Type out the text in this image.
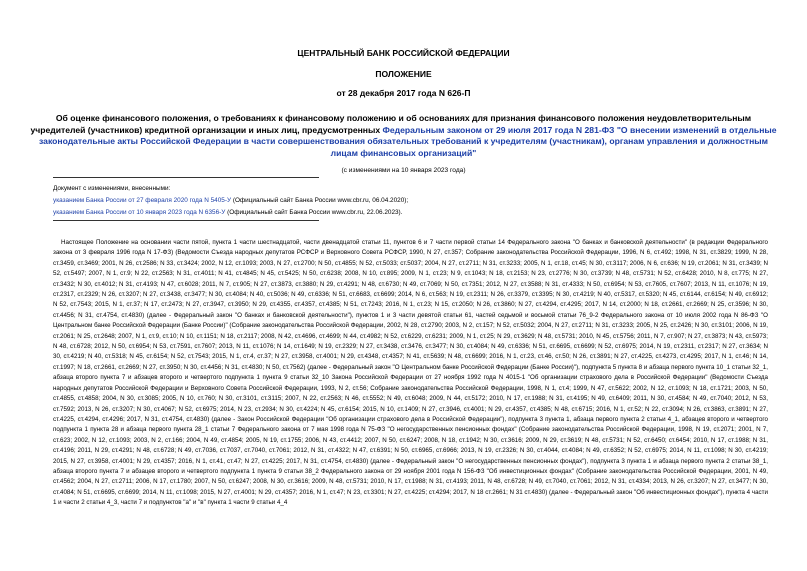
ЦЕНТРАЛЬНЫЙ БАНК РОССИЙСКОЙ ФЕДЕРАЦИИ
ПОЛОЖЕНИЕ
от 28 декабря 2017 года N 626-П
Об оценке финансового положения, о требованиях к финансовому положению и об основаниях для признания финансового положения неудовлетворительным учредителей (участников) кредитной организации и иных лиц, предусмотренных Федеральным законом от 29 июля 2017 года N 281-ФЗ "О внесении изменений в отдельные законодательные акты Российской Федерации в части совершенствования обязательных требований к учредителям (участникам), органам управления и должностным лицам финансовых организаций"
(с изменениями на 10 января 2023 года)
Документ с изменениями, внесенными:
указанием Банка России от 27 февраля 2020 года N 5405-У (Официальный сайт Банка России www.cbr.ru, 06.04.2020);
указанием Банка России от 10 января 2023 года N 6356-У (Официальный сайт Банка России www.cbr.ru, 22.06.2023).
Настоящее Положение на основании части пятой, пункта 1 части шестнадцатой, части двенадцатой статьи 11, пунктов 6 и 7 части первой статьи 14 Федерального закона "О банках и банковской деятельности" (в редакции Федерального закона от 3 февраля 1996 года N 17-ФЗ) (Ведомости Съезда народных депутатов РСФСР и Верховного Совета РСФСР, 1990, N 27, ст.357; Собрание законодательства Российской Федерации, 1996, N 6, ст.492; 1998, N 31, ст.3829; 1999, N 28, ст.3459, ст.3469; 2001, N 26, ст.2586; N 33, ст.3424; 2002, N 12, ст.1093; 2003, N 27, ст.2700; N 50, ст.4855; N 52, ст.5033; ст.5037; 2004, N 27, ст.2711; N 31, ст.3233; 2005, N 1, ст.18, ст.45; N 30, ст.3117; 2006, N 6, ст.636; N 19, ст.2061; N 31, ст.3439; N 52, ст.5497; 2007, N 1, ст.9; N 22, ст.2563; N 31, ст.4011; N 41, ст.4845; N 45, ст.5425; N 50, ст.6238; 2008, N 10, ст.895; 2009, N 1, ст.23; N 9, ст.1043; N 18, ст.2153; N 23, ст.2776; N 30, ст.3739; N 48, ст.5731; N 52, ст.6428; 2010, N 8, ст.775; N 27, ст.3432; N 30, ст.4012; N 31, ст.4193; N 47, ст.6028; 2011, N 7, ст.905; N 27, ст.3873, ст.3880; N 29, ст.4291; N 48, ст.6730; N 49, ст.7069; N 50, ст.7351; 2012, N 27, ст.3588; N 31, ст.4333; N 50, ст.6954; N 53, ст.7605, ст.7607; 2013, N 11, ст.1076; N 19, ст.2317, ст.2329; N 26, ст.3207; N 27, ст.3438, ст.3477; N 30, ст.4084; N 40, ст.5036; N 49, ст.6336; N 51, ст.6683, ст.6699; 2014, N 6, ст.563; N 19, ст.2311; N 26, ст.3379, ст.3395; N 30, ст.4219; N 40, ст.5317, ст.5320; N 45, ст.6144, ст.6154; N 49, ст.6912; N 52, ст.7543; 2015, N 1, ст.37; N 17, ст.2473; N 27, ст.3947, ст.3950; N 29, ст.4355, ст.4357, ст.4385; N 51, ст.7243; 2016, N 1, ст.23; N 15, ст.2050; N 26, ст.3860; N 27, ст.4294, ст.4295; 2017, N 14, ст.2000; N 18, ст.2661, ст.2669; N 25, ст.3596; N 30, ст.4456; N 31, ст.4754, ст.4830) (далее - Федеральный закон "О банках и банковской деятельности"), пунктов 1 и 3 части девятой статьи 61, частей седьмой и восьмой статьи 76_9-2 Федерального закона от 10 июля 2002 года N 86-ФЗ "О Центральном банке Российской Федерации (Банке России)" (Собрание законодательства Российской Федерации, 2002, N 28, ст.2790; 2003, N 2, ст.157; N 52, ст.5032; 2004, N 27, ст.2711; N 31, ст.3233; 2005, N 25, ст.2426; N 30, ст.3101; 2006, N 19, ст.2061; N 25, ст.2648; 2007, N 1, ст.9, ст.10; N 10, ст.1151; N 18, ст.2117; 2008, N 42, ст.4696, ст.4699; N 44, ст.4982; N 52, ст.6229, ст.6231; 2009, N 1, ст.25; N 29, ст.3629; N 48, ст.5731; 2010, N 45, ст.5756; 2011, N 7, ст.907; N 27, ст.3873; N 43, ст.5973; N 48, ст.6728; 2012, N 50, ст.6954; N 53, ст.7591, ст.7607; 2013, N 11, ст.1076; N 14, ст.1649; N 19, ст.2329; N 27, ст.3438, ст.3476, ст.3477; N 30, ст.4084; N 49, ст.6336; N 51, ст.6695, ст.6699; N 52, ст.6975; 2014, N 19, ст.2311, ст.2317; N 27, ст.3634; N 30, ст.4219; N 40, ст.5318; N 45, ст.6154; N 52, ст.7543; 2015, N 1, ст.4, ст.37; N 27, ст.3958, ст.4001; N 29, ст.4348, ст.4357; N 41, ст.5639; N 48, ст.6699; 2016, N 1, ст.23, ст.46, ст.50; N 26, ст.3891; N 27, ст.4225, ст.4273, ст.4295; 2017, N 1, ст.46; N 14, ст.1997; N 18, ст.2661, ст.2669; N 27, ст.3950; N 30, ст.4456; N 31, ст.4830; N 50, ст.7562) (далее - Федеральный закон "О Центральном банке Российской Федерации (Банке России)"), подпункта 5 пункта 8 и абзаца первого пункта 10_1 статьи 32_1, абзаца второго пункта 7 и абзацев второго и четвертого подпункта 1 пункта 9 статьи 32_10 Закона Российской Федерации от 27 ноября 1992 года N 4015-1 "Об организации страхового дела в Российской Федерации" (Ведомости Съезда народных депутатов Российской Федерации и Верховного Совета Российской Федерации, 1993, N 2, ст.56; Собрание законодательства Российской Федерации, 1998, N 1, ст.4; 1999, N 47, ст.5622; 2002, N 12, ст.1093; N 18, ст.1721; 2003, N 50, ст.4855, ст.4858; 2004, N 30, ст.3085; 2005, N 10, ст.760; N 30, ст.3101, ст.3115; 2007, N 22, ст.2563; N 46, ст.5552; N 49, ст.6048; 2009, N 44, ст.5172; 2010, N 17, ст.1988; N 31, ст.4195; N 49, ст.6409; 2011, N 30, ст.4584; N 49, ст.7040; 2012, N 53, ст.7592; 2013, N 26, ст.3207; N 30, ст.4067; N 52, ст.6975; 2014, N 23, ст.2934; N 30, ст.4224; N 45, ст.6154; 2015, N 10, ст.1409; N 27, ст.3946, ст.4001; N 29, ст.4357, ст.4385; N 48, ст.6715; 2016, N 1, ст.52; N 22, ст.3094; N 26, ст.3863, ст.3891; N 27, ст.4225, ст.4294, ст.4296; 2017, N 31, ст.4754, ст.4830) (далее - Закон Российской Федерации "Об организации страхового дела в Российской Федерации"), подпункта 3 пункта 1, абзаца первого пункта 2 статьи 4_1, абзацев второго и четвертого подпункта 1 пункта 28 и абзаца первого пункта 28_1 статьи 7 Федерального закона от 7 мая 1998 года N 75-ФЗ "О негосударственных пенсионных фондах" (Собрание законодательства Российской Федерации, 1998, N 19, ст.2071; 2001, N 7, ст.623; 2002, N 12, ст.1093; 2003, N 2, ст.166; 2004, N 49, ст.4854; 2005, N 19, ст.1755; 2006, N 43, ст.4412; 2007, N 50, ст.6247; 2008, N 18, ст.1942; N 30, ст.3616; 2009, N 29, ст.3619; N 48, ст.5731; N 52, ст.6450; ст.6454; 2010, N 17, ст.1988; N 31, ст.4196; 2011, N 29, ст.4291; N 48, ст.6728; N 49, ст.7036, ст.7037, ст.7040, ст.7061; 2012, N 31, ст.4322; N 47, ст.6391; N 50, ст.6965, ст.6966; 2013, N 19, ст.2326; N 30, ст.4044, ст.4084; N 49, ст.6352; N 52, ст.6975; 2014, N 11, ст.1098; N 30, ст.4219; 2015, N 27, ст.3958, ст.4001; N 29, ст.4357; 2016, N 1, ст.41, ст.47; N 27, ст.4225; 2017, N 31, ст.4754, ст.4830) (далее - Федеральный закон "О негосударственных пенсионных фондах"), подпункта 3 пункта 1 и абзаца первого пункта 2 статьи 38_1, абзаца второго пункта 7 и абзацев второго и четвертого подпункта 1 пункта 9 статьи 38_2 Федерального закона от 29 ноября 2001 года N 156-ФЗ "Об инвестиционных фондах" (Собрание законодательства Российской Федерации, 2001, N 49, ст.4562; 2004, N 27, ст.2711; 2006, N 17, ст.1780; 2007, N 50, ст.6247; 2008, N 30, ст.3616; 2009, N 48, ст.5731; 2010, N 17, ст.1988; N 31, ст.4193; 2011, N 48, ст.6728; N 49, ст.7040, ст.7061; 2012, N 31, ст.4334; 2013, N 26, ст.3207; N 27, ст.3477; N 30, ст.4084; N 51, ст.6695, ст.6699; 2014, N 11, ст.1098; 2015, N 27, ст.4001; N 29, ст.4357; 2016, N 1, ст.47; N 23, ст.3301; N 27, ст.4225; ст.4294; 2017, N 18 ст.2661; N 31 ст.4830) (далее - Федеральный закон "Об инвестиционных фондах"), пункта 4 части 1 и части 2 статьи 4_3, части 7 и подпунктов "а" и "в" пункта 1 части 9 статьи 4_4
